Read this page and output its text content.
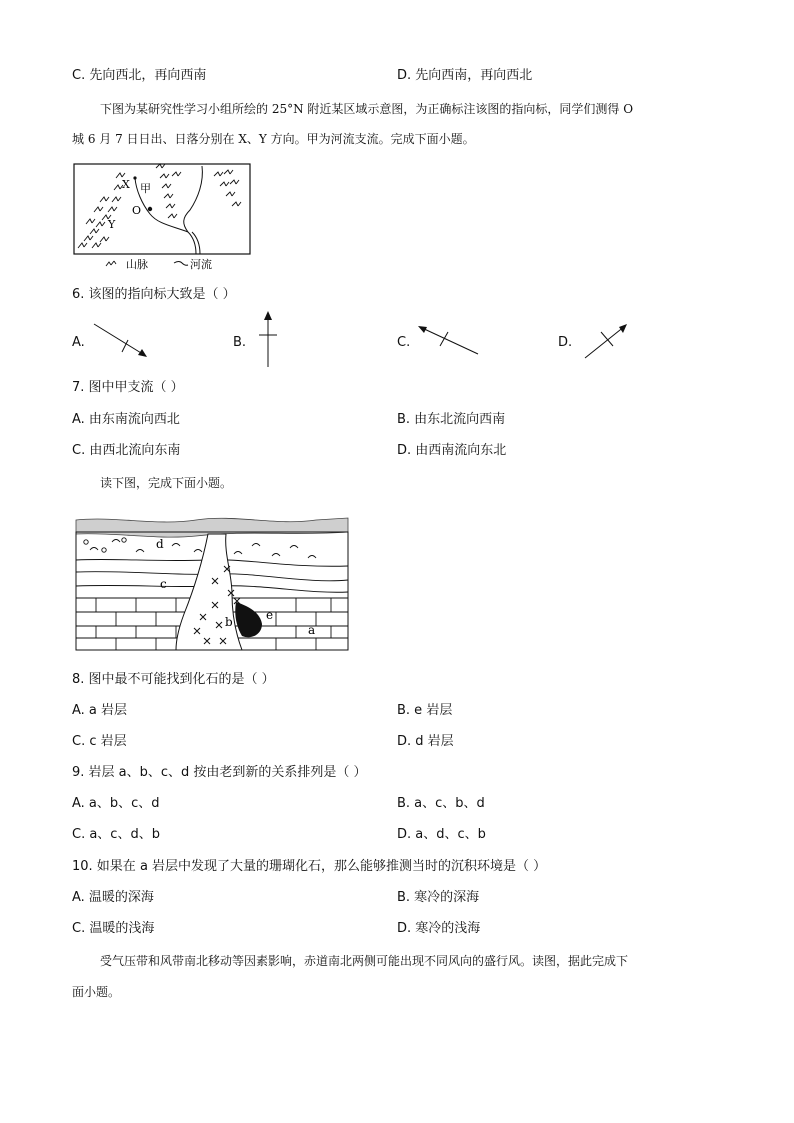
C. 先向西北，再向西南	D. 先向西南，再向西北
下图为某研究性学习小组所绘的 25°N 附近某区域示意图，为正确标注该图的指向标，同学们测得 O
城 6 月 7 日日出、日落分别在 X、Y 方向。甲为河流支流。完成下面小题。
X 甲
O
Y
山脉	河流
6. 该图的指向标大致是（ ）
A.	B.	C.	D.
7. 图中甲支流（ ）
A. 由东南流向西北	B. 由东北流向西南
C. 由西北流向东南	D. 由西南流向东北
读下图，完成下面小题。
d
c
b	e
a
8. 图中最不可能找到化石的是（ ）
A. a 岩层	B. e 岩层
C. c 岩层	D. d 岩层
9. 岩层 a、b、c、d 按由老到新的关系排列是（ ）
A. a、b、c、d	B. a、c、b、d
C. a、c、d、b	D. a、d、c、b
10. 如果在 a 岩层中发现了大量的珊瑚化石，那么能够推测当时的沉积环境是（ ）
A. 温暖的深海	B. 寒冷的深海
C. 温暖的浅海	D. 寒冷的浅海
受气压带和风带南北移动等因素影响，赤道南北两侧可能出现不同风向的盛行风。读图，据此完成下
面小题。
